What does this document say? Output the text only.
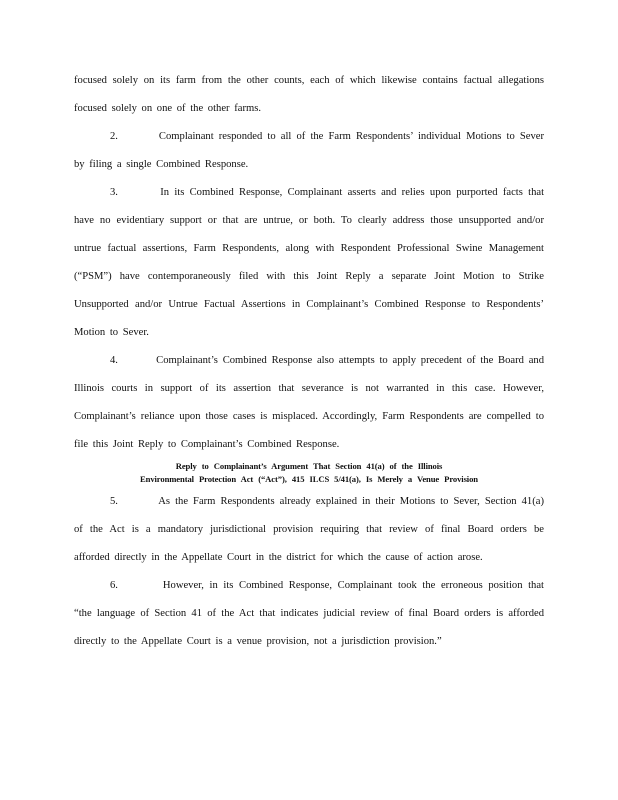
focused solely on its farm from the other counts, each of which likewise contains factual allegations focused solely on one of the other farms.

2.	Complainant responded to all of the Farm Respondents’ individual Motions to Sever by filing a single Combined Response.

3.	In its Combined Response, Complainant asserts and relies upon purported facts that have no evidentiary support or that are untrue, or both. To clearly address those unsupported and/or untrue factual assertions, Farm Respondents, along with Respondent Professional Swine Management (“PSM”) have contemporaneously filed with this Joint Reply a separate Joint Motion to Strike Unsupported and/or Untrue Factual Assertions in Complainant’s Combined Response to Respondents’ Motion to Sever.

4.	Complainant’s Combined Response also attempts to apply precedent of the Board and Illinois courts in support of its assertion that severance is not warranted in this case. However, Complainant’s reliance upon those cases is misplaced. Accordingly, Farm Respondents are compelled to file this Joint Reply to Complainant’s Combined Response.

Reply to Complainant’s Argument That Section 41(a) of the Illinois
Environmental Protection Act (“Act”), 415 ILCS 5/41(a), Is Merely a Venue Provision

5.	As the Farm Respondents already explained in their Motions to Sever, Section 41(a) of the Act is a mandatory jurisdictional provision requiring that review of final Board orders be afforded directly in the Appellate Court in the district for which the cause of action arose.

6.	However, in its Combined Response, Complainant took the erroneous position that “the language of Section 41 of the Act that indicates judicial review of final Board orders is afforded directly to the Appellate Court is a venue provision, not a jurisdiction provision.”
